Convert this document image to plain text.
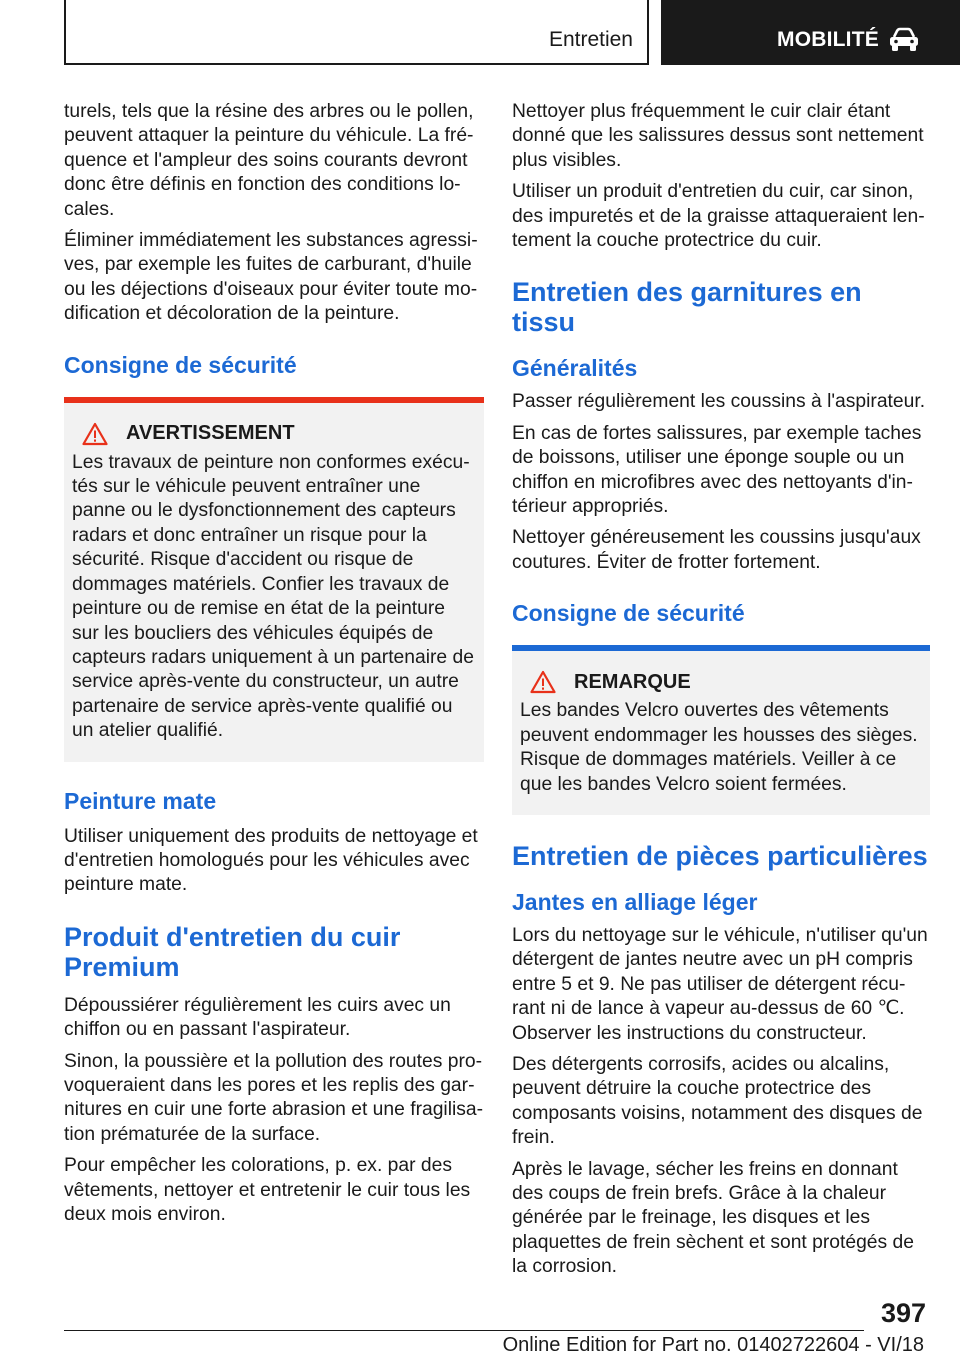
Entretien	MOBILITÉ

turels, tels que la résine des arbres ou le pollen, peuvent attaquer la peinture du véhicule. La fréquence et l'ampleur des soins courants devront donc être définis en fonction des conditions locales.

Éliminer immédiatement les substances agressives, par exemple les fuites de carburant, d'huile ou les déjections d'oiseaux pour éviter toute modification et décoloration de la peinture.

Consigne de sécurité
AVERTISSEMENT

Les travaux de peinture non conformes exécutés sur le véhicule peuvent entraîner une panne ou le dysfonctionnement des capteurs radars et donc entraîner un risque pour la sécurité. Risque d'accident ou risque de dommages matériels. Confier les travaux de peinture ou de remise en état de la peinture sur les boucliers des véhicules équipés de capteurs radars uniquement à un partenaire de service après-vente du constructeur, un autre partenaire de service après-vente qualifié ou un atelier qualifié.

Peinture mate

Utiliser uniquement des produits de nettoyage et d'entretien homologués pour les véhicules avec peinture mate.

Produit d'entretien du cuir Premium

Dépoussiérer régulièrement les cuirs avec un chiffon ou en passant l'aspirateur.

Sinon, la poussière et la pollution des routes provoqueraient dans les pores et les replis des garnitures en cuir une forte abrasion et une fragilisation prématurée de la surface.

Pour empêcher les colorations, p. ex. par des vêtements, nettoyer et entretenir le cuir tous les deux mois environ.

Nettoyer plus fréquemment le cuir clair étant donné que les salissures dessus sont nettement plus visibles.

Utiliser un produit d'entretien du cuir, car sinon, des impuretés et de la graisse attaqueraient lentement la couche protectrice du cuir.

Entretien des garnitures en tissu
Généralités

Passer régulièrement les coussins à l'aspirateur.

En cas de fortes salissures, par exemple taches de boissons, utiliser une éponge souple ou un chiffon en microfibres avec des nettoyants d'intérieur appropriés.

Nettoyer généreusement les coussins jusqu'aux coutures. Éviter de frotter fortement.

Consigne de sécurité
REMARQUE

Les bandes Velcro ouvertes des vêtements peuvent endommager les housses des sièges. Risque de dommages matériels. Veiller à ce que les bandes Velcro soient fermées.

Entretien de pièces particulières
Jantes en alliage léger

Lors du nettoyage sur le véhicule, n'utiliser qu'un détergent de jantes neutre avec un pH compris entre 5 et 9. Ne pas utiliser de détergent récurant ni de lance à vapeur au-dessus de 60 ℃. Observer les instructions du constructeur.

Des détergents corrosifs, acides ou alcalins, peuvent détruire la couche protectrice des composants voisins, notamment des disques de frein.

Après le lavage, sécher les freins en donnant des coups de frein brefs. Grâce à la chaleur générée par le freinage, les disques et les plaquettes de frein sèchent et sont protégés de la corrosion.

397
Online Edition for Part no. 01402722604 - VI/18
